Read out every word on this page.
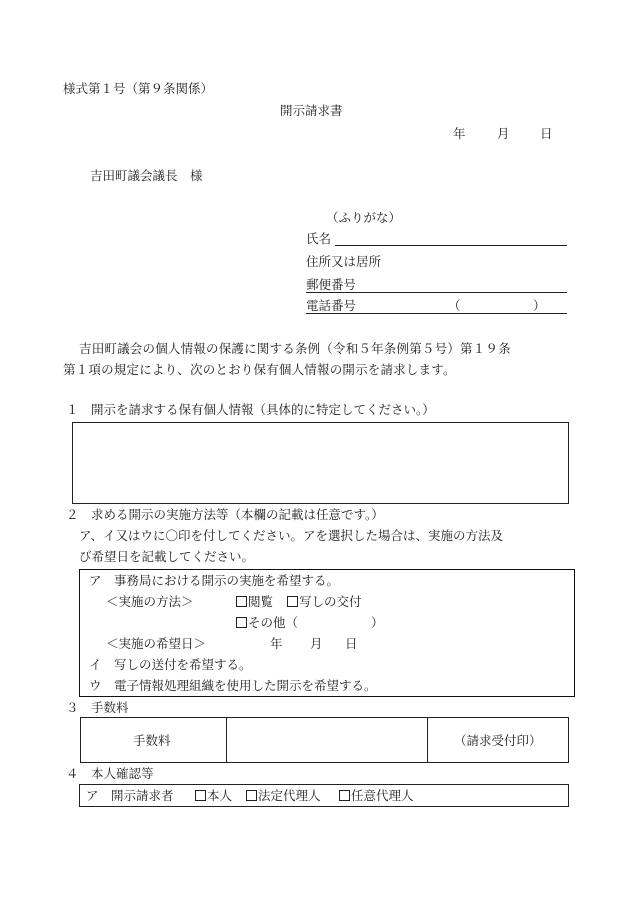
様式第１号（第９条関係）
開示請求書
年	月 日
吉田町議会議長　様
（ふりがな）
氏名
住所又は居所
郵便番号
電話番号	（	）
吉田町議会の個人情報の保護に関する条例（令和５年条例第５号）第１９条
第１項の規定により、次のとおり保有個人情報の開示を請求します。
１　開示を請求する保有個人情報（具体的に特定してください。）
２　求める開示の実施方法等（本欄の記載は任意です。）
ア、イ又はウに〇印を付してください。アを選択した場合は、実施の方法及
び希望日を記載してください。
ア　事務局における開示の実施を希望する。
＜実施の方法＞	閲覧	写しの交付
その他（	）
＜実施の希望日＞	年 月 日
イ　写しの送付を希望する。
ウ　電子情報処理組織を使用した開示を希望する。
３　手数料
手数料	（請求受付印）
４　本人確認等
ア　開示請求者	本人	法定代理人	任意代理人
